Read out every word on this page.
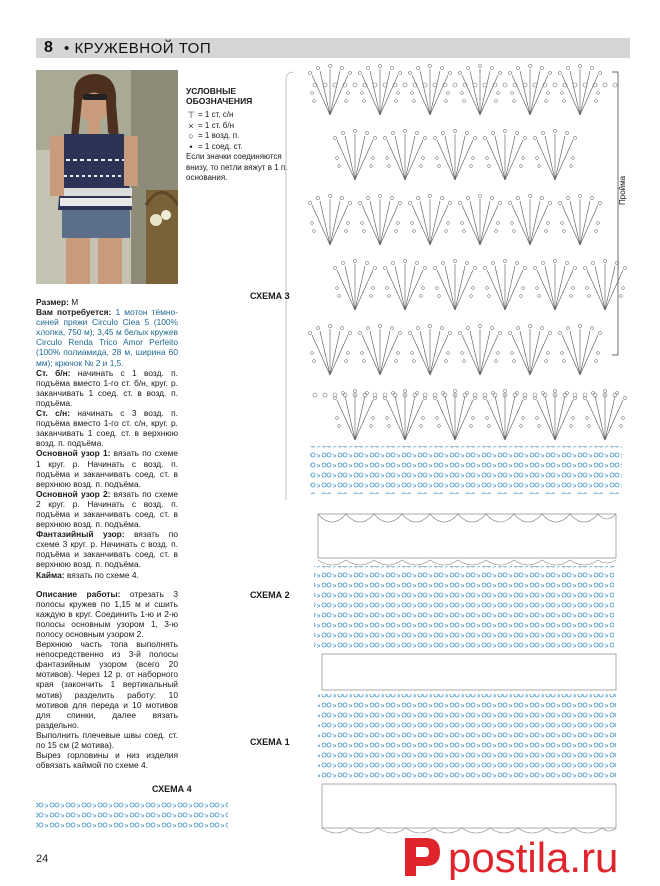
8 • КРУЖЕВНОЙ ТОП
УСЛОВНЫЕ ОБОЗНАЧЕНИЯ
⊤ = 1 ст. с/н
× = 1 ст. б/н
○ = 1 возд. п.
• = 1 соед. ст.
Если значки соединяются внизу, то петли вяжут в 1 п. основания.

Размер: M

Вам потребуется: 1 мотон тёмно-синей пряжи Circulo Clea 5 (100% хлопка, 750 м), 3,45 м белых кружев Circulo Renda Trico Amor Perfeito (100% полиамида, 28 м, ширина 60 мм); крючок № 2 и 1,5.

Ст. б/н: начинать с 1 возд. п. подъёма вместо 1-го ст. б/н, круг. р. заканчивать 1 соед. ст. в возд. п. подъёма.

Ст. с/н: начинать с 3 возд. п. подъёма вместо 1-го ст. с/н, круг. р. заканчивать 1 соед. ст. в верхнюю возд. п. подъёма.

Основной узор 1: вязать по схеме 1 круг. р. Начинать с возд. п. подъёма и заканчивать соед. ст. в верхнюю возд. п. подъёма.

Основной узор 2: вязать по схеме 2 круг. р. Начинать с возд. п. подъёма и заканчивать соед. ст. в верхнюю возд. п. подъёма.

Фантазийный узор: вязать по схеме 3 круг. р. Начинать с возд. п. подъёма и заканчивать соед. ст. в верхнюю возд. п. подъёма.

Кайма: вязать по схеме 4.

Описание работы: отрезать 3 полосы кружев по 1,15 м и сшить каждую в круг. Соединить 1-ю и 2-ю полосы основным узором 1, 3-ю полосу основным узором 2.

Верхнюю часть топа выполнять непосредственно из 3-й полосы фантазийным узором (всего 20 мотивов). Через 12 р. от наборного края (закончить 1 вертикальный мотив) разделить работу: 10 мотивов для переда и 10 мотивов для спинки, далее вязать раздельно.

Выполнить плечевые швы соед. ст. по 15 см (2 мотива).

Вырез горловины и низ изделия обвязать каймой по схеме 4.

СХЕМА 3
СХЕМА 2
СХЕМА 1
СХЕМА 4
Пройма
24	postila.ru
